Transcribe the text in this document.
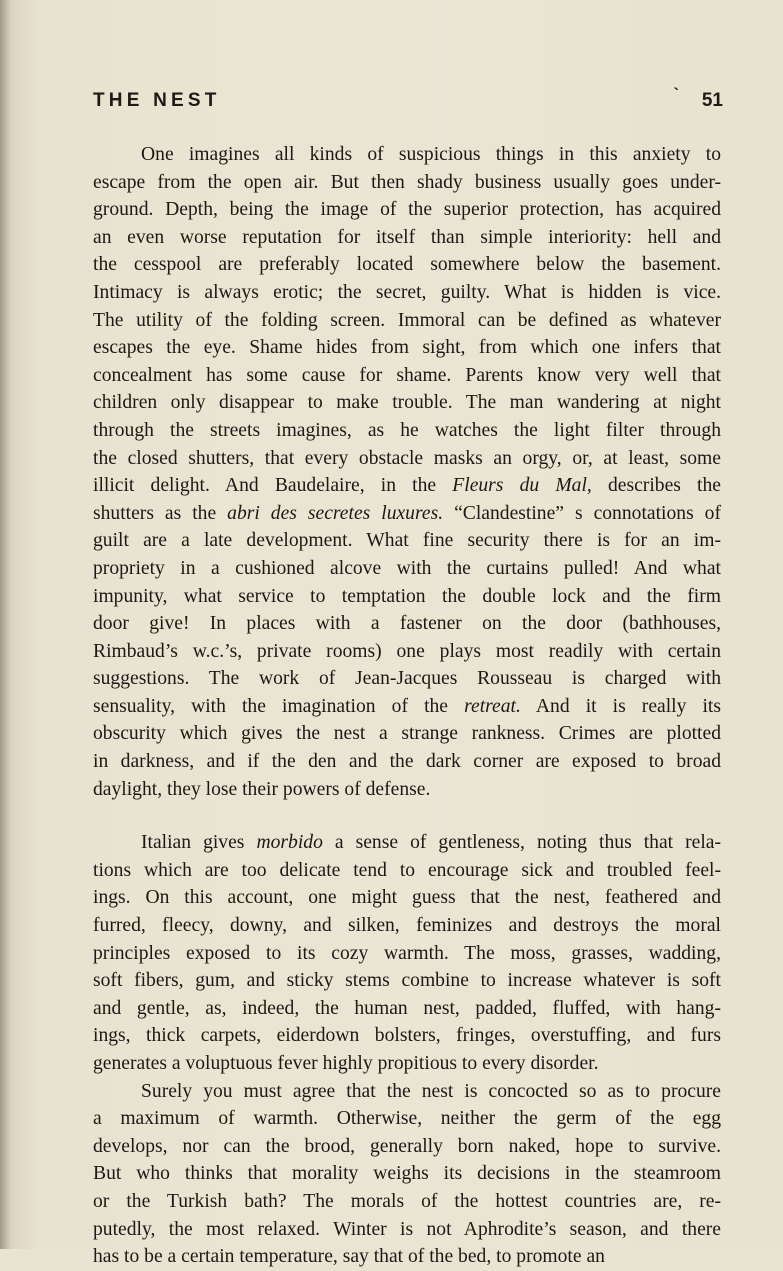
THE NEST	` 51
One imagines all kinds of suspicious things in this anxiety to
escape from the open air. But then shady business usually goes under-
ground. Depth, being the image of the superior protection, has acquired
an even worse reputation for itself than simple interiority: hell and
the cesspool are preferably located somewhere below the basement.
Intimacy is always erotic; the secret, guilty. What is hidden is vice.
The utility of the folding screen. Immoral can be defined as whatever
escapes the eye. Shame hides from sight, from which one infers that
concealment has some cause for shame. Parents know very well that
children only disappear to make trouble. The man wandering at night
through the streets imagines, as he watches the light filter through
the closed shutters, that every obstacle masks an orgy, or, at least, some
illicit delight. And Baudelaire, in the Fleurs du Mal, describes the
shutters as the abri des secretes luxures. “Clandestine” s connotations of
guilt are a late development. What fine security there is for an im-
propriety in a cushioned alcove with the curtains pulled! And what
impunity, what service to temptation the double lock and the firm
door give! In places with a fastener on the door (bathhouses,
Rimbaud’s w.c.’s, private rooms) one plays most readily with certain
suggestions. The work of Jean-Jacques Rousseau is charged with
sensuality, with the imagination of the retreat. And it is really its
obscurity which gives the nest a strange rankness. Crimes are plotted
in darkness, and if the den and the dark corner are exposed to broad
daylight, they lose their powers of defense.
Italian gives morbido a sense of gentleness, noting thus that rela-
tions which are too delicate tend to encourage sick and troubled feel-
ings. On this account, one might guess that the nest, feathered and
furred, fleecy, downy, and silken, feminizes and destroys the moral
principles exposed to its cozy warmth. The moss, grasses, wadding,
soft fibers, gum, and sticky stems combine to increase whatever is soft
and gentle, as, indeed, the human nest, padded, fluffed, with hang-
ings, thick carpets, eiderdown bolsters, fringes, overstuffing, and furs
generates a voluptuous fever highly propitious to every disorder.
Surely you must agree that the nest is concocted so as to procure
a maximum of warmth. Otherwise, neither the germ of the egg
develops, nor can the brood, generally born naked, hope to survive.
But who thinks that morality weighs its decisions in the steamroom
or the Turkish bath? The morals of the hottest countries are, re-
putedly, the most relaxed. Winter is not Aphrodite’s season, and there
has to be a certain temperature, say that of the bed, to promote an
